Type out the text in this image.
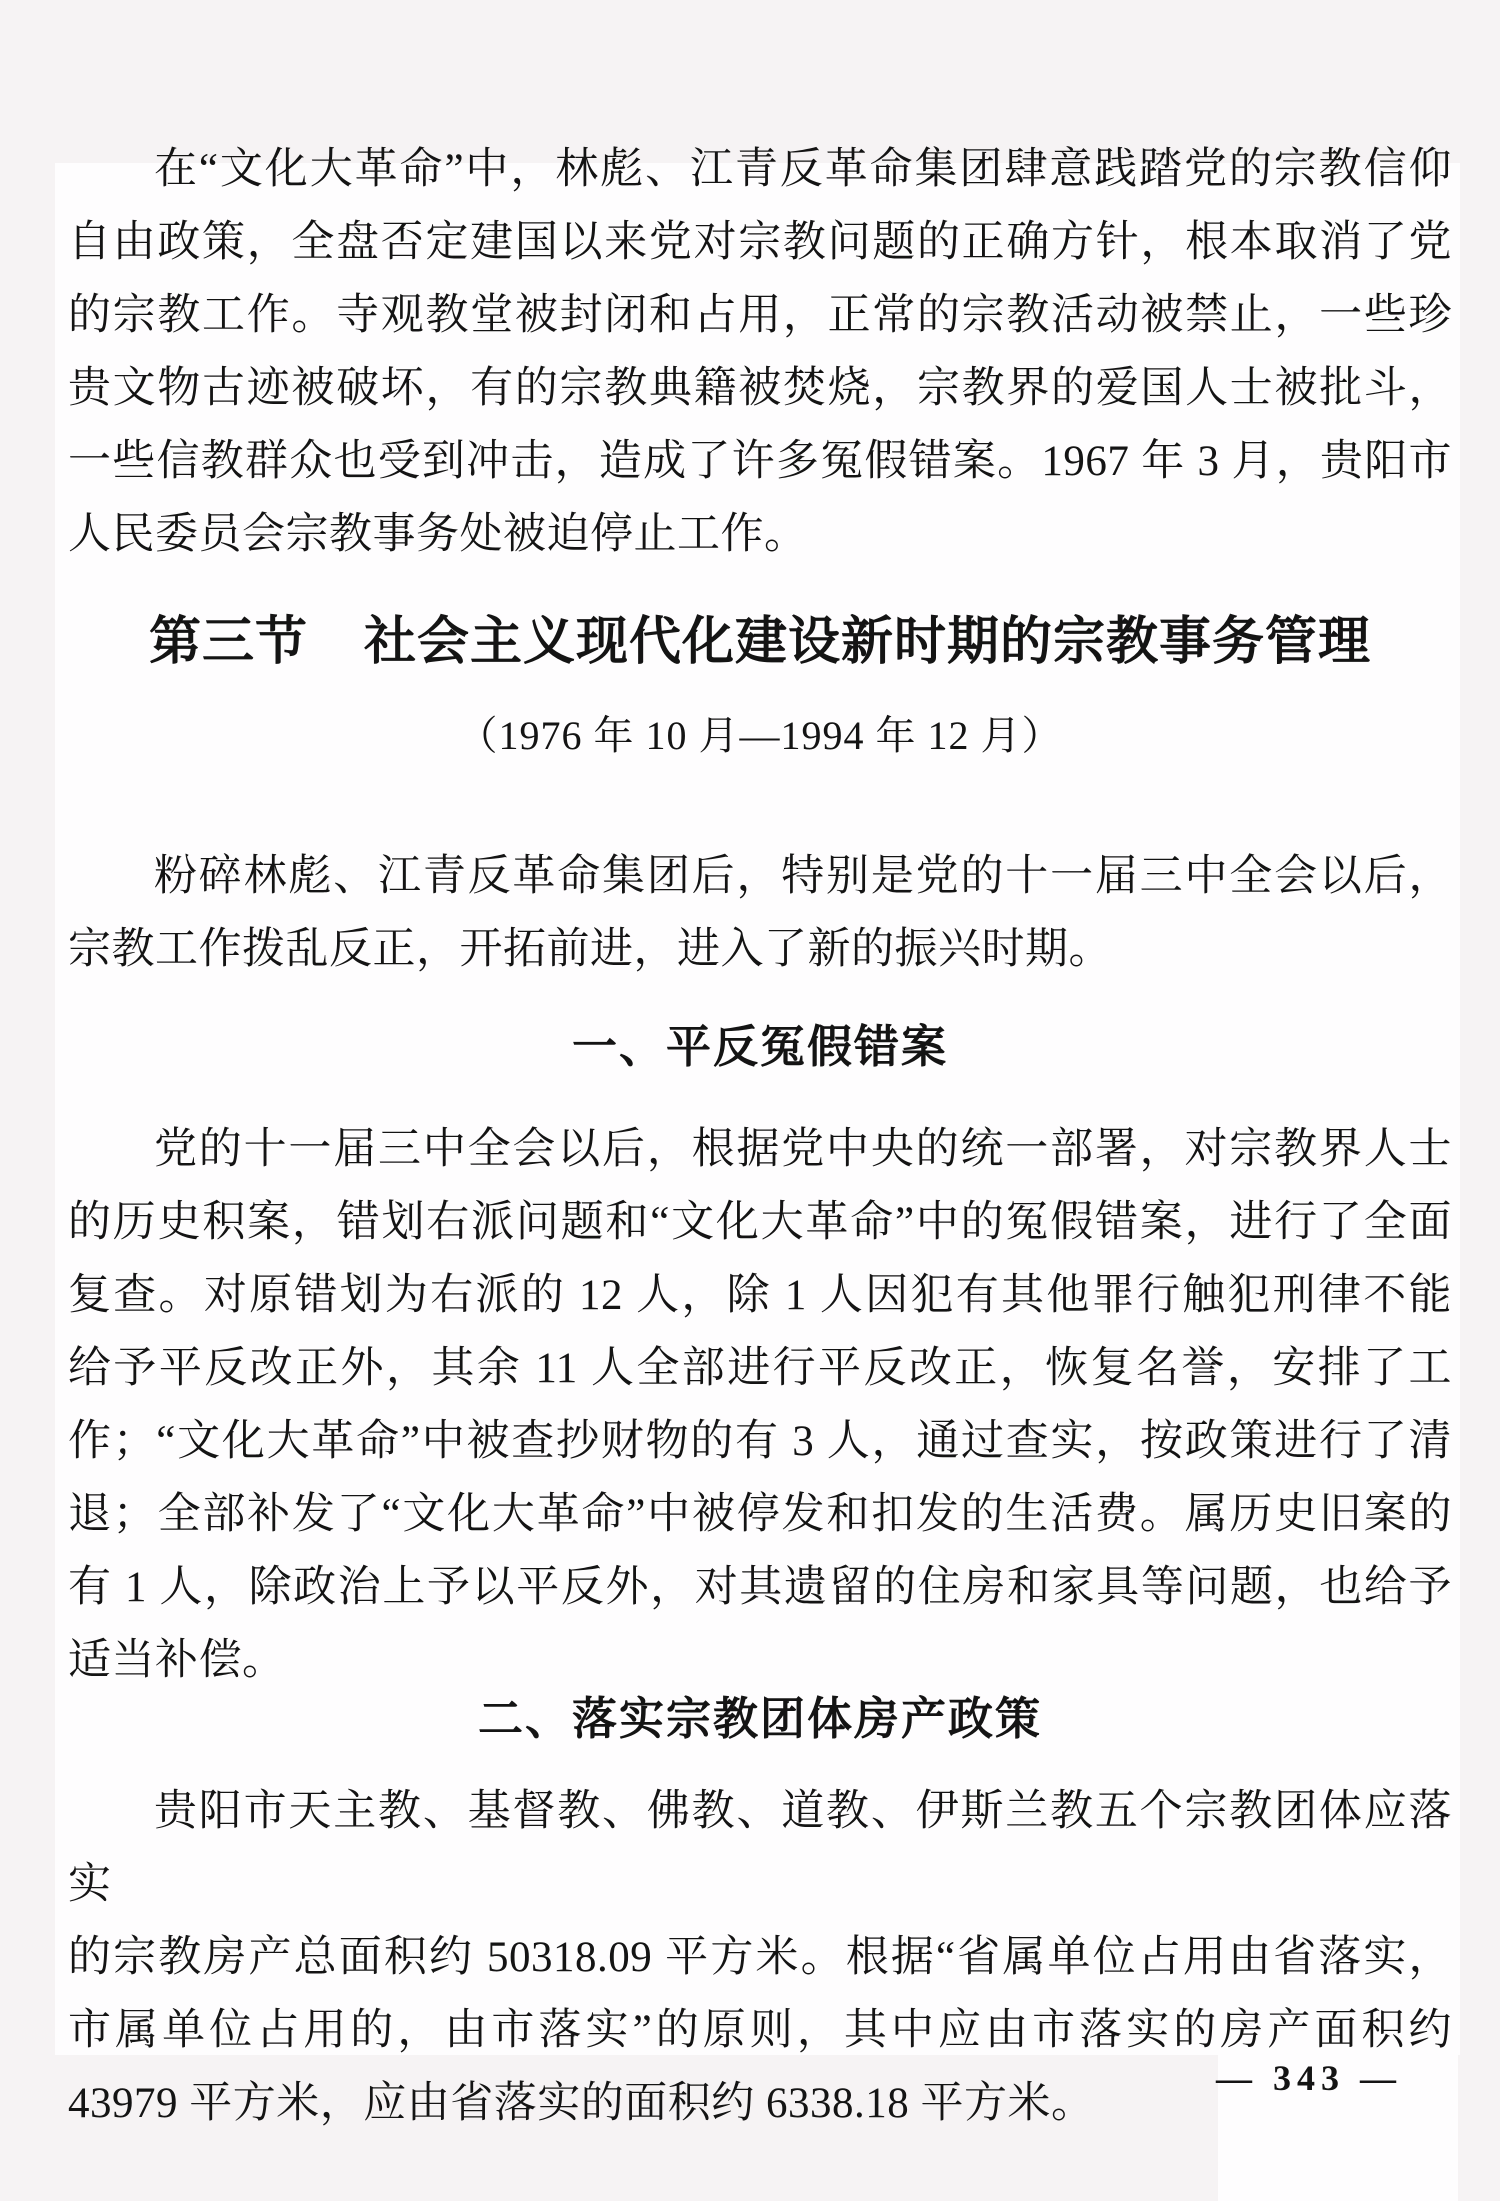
在“文化大革命”中，林彪、江青反革命集团肆意践踏党的宗教信仰
自由政策，全盘否定建国以来党对宗教问题的正确方针，根本取消了党
的宗教工作。寺观教堂被封闭和占用，正常的宗教活动被禁止，一些珍
贵文物古迹被破坏，有的宗教典籍被焚烧，宗教界的爱国人士被批斗，
一些信教群众也受到冲击，造成了许多冤假错案。1967 年 3 月，贵阳市
人民委员会宗教事务处被迫停止工作。
第三节 社会主义现代化建设新时期的宗教事务管理
（1976 年 10 月—1994 年 12 月）
粉碎林彪、江青反革命集团后，特别是党的十一届三中全会以后，
宗教工作拨乱反正，开拓前进，进入了新的振兴时期。
一、平反冤假错案
党的十一届三中全会以后，根据党中央的统一部署，对宗教界人士
的历史积案，错划右派问题和“文化大革命”中的冤假错案，进行了全面
复查。对原错划为右派的 12 人，除 1 人因犯有其他罪行触犯刑律不能
给予平反改正外，其余 11 人全部进行平反改正，恢复名誉，安排了工
作；“文化大革命”中被查抄财物的有 3 人，通过查实，按政策进行了清
退；全部补发了“文化大革命”中被停发和扣发的生活费。属历史旧案的
有 1 人，除政治上予以平反外，对其遗留的住房和家具等问题，也给予
适当补偿。
二、落实宗教团体房产政策
贵阳市天主教、基督教、佛教、道教、伊斯兰教五个宗教团体应落实
的宗教房产总面积约 50318.09 平方米。根据“省属单位占用由省落实，
市属单位占用的，由市落实”的原则，其中应由市落实的房产面积约
43979 平方米，应由省落实的面积约 6338.18 平方米。
— 343 —
